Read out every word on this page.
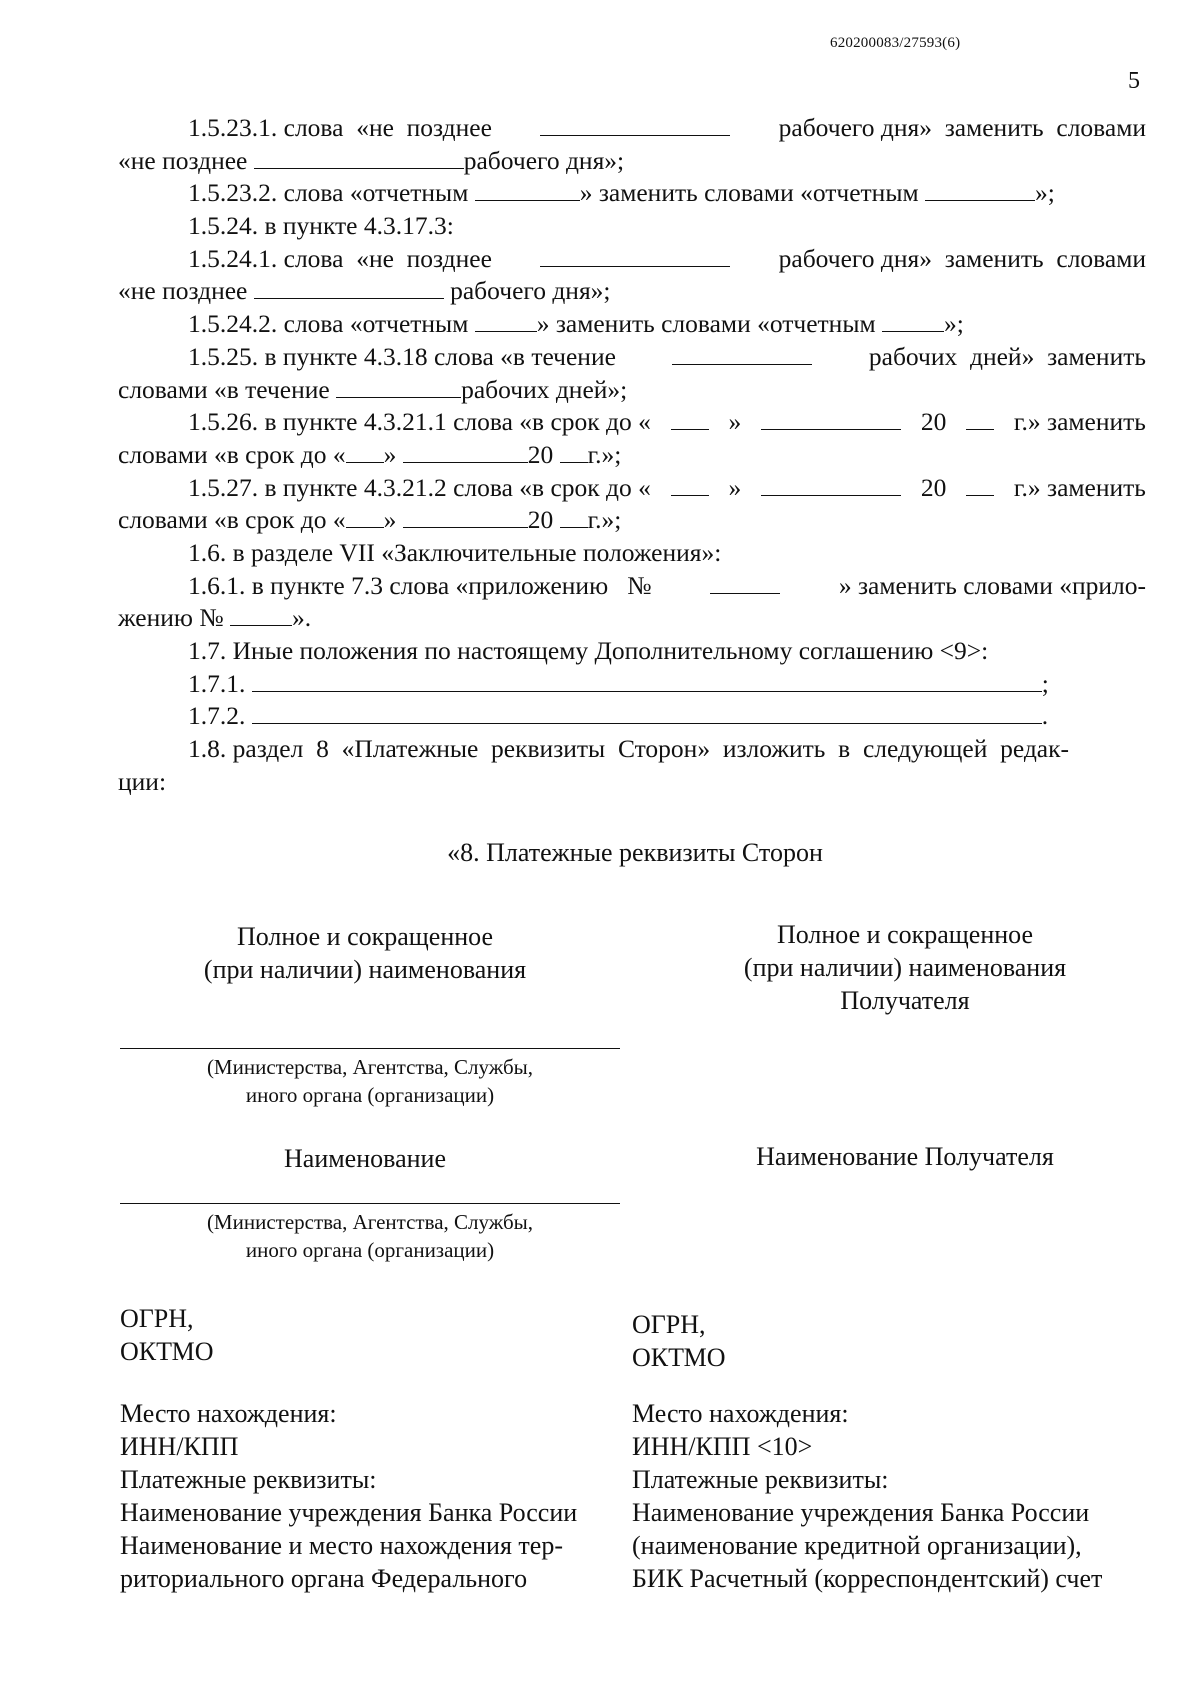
620200083/27593(6)
5
1.5.23.1. слова  «не  позднее	рабочего дня»  заменить  словами
«не позднее
	рабочего дня»;
1.5.23.2. слова «отчетным
	» заменить словами «отчетным
	»;
1.5.24. в пункте 4.3.17.3:
1.5.24.1. слова  «не  позднее	рабочего дня»  заменить  словами
«не позднее

	рабочего дня»;
1.5.24.2. слова «отчетным
	» заменить словами «отчетным
	»;
1.5.25. в пункте 4.3.18 слова «в течение	рабочих  дней»  заменить
словами «в течение
	рабочих дней»;
1.5.26. в пункте 4.3.21.1 слова «в срок до «	»	20	г.» заменить
словами «в срок до « »
	20
г.»;
1.5.27. в пункте 4.3.21.2 слова «в срок до «	»	20	г.» заменить
словами «в срок до « »
	20
г.»;
1.6. в разделе VII «Заключительные положения»:
1.6.1. в пункте 7.3 слова «приложению   №	» заменить словами «прило-
жению №
	».
1.7. Иные положения по настоящему Дополнительному соглашению <9>:
1.7.1.
	;
1.7.2.
	.
1.8. раздел  8  «Платежные  реквизиты  Сторон»  изложить  в  следующей  редак-
ции:
«8. Платежные реквизиты Сторон
Полное и сокращенное
(при наличии) наименования
(Министерства, Агентства, Службы,
иного органа (организации)
Наименование
(Министерства, Агентства, Службы,
иного органа (организации)
ОГРН,
ОКТМО
Место нахождения:
ИНН/КПП
Платежные реквизиты:
Наименование учреждения Банка России
Наименование и место нахождения тер-
риториального органа Федерального
Полное и сокращенное
(при наличии) наименования
Получателя
Наименование Получателя
ОГРН,
ОКТМО
Место нахождения:
ИНН/КПП <10>
Платежные реквизиты:
Наименование учреждения Банка России
(наименование кредитной организации),
БИК Расчетный (корреспондентский) счет
